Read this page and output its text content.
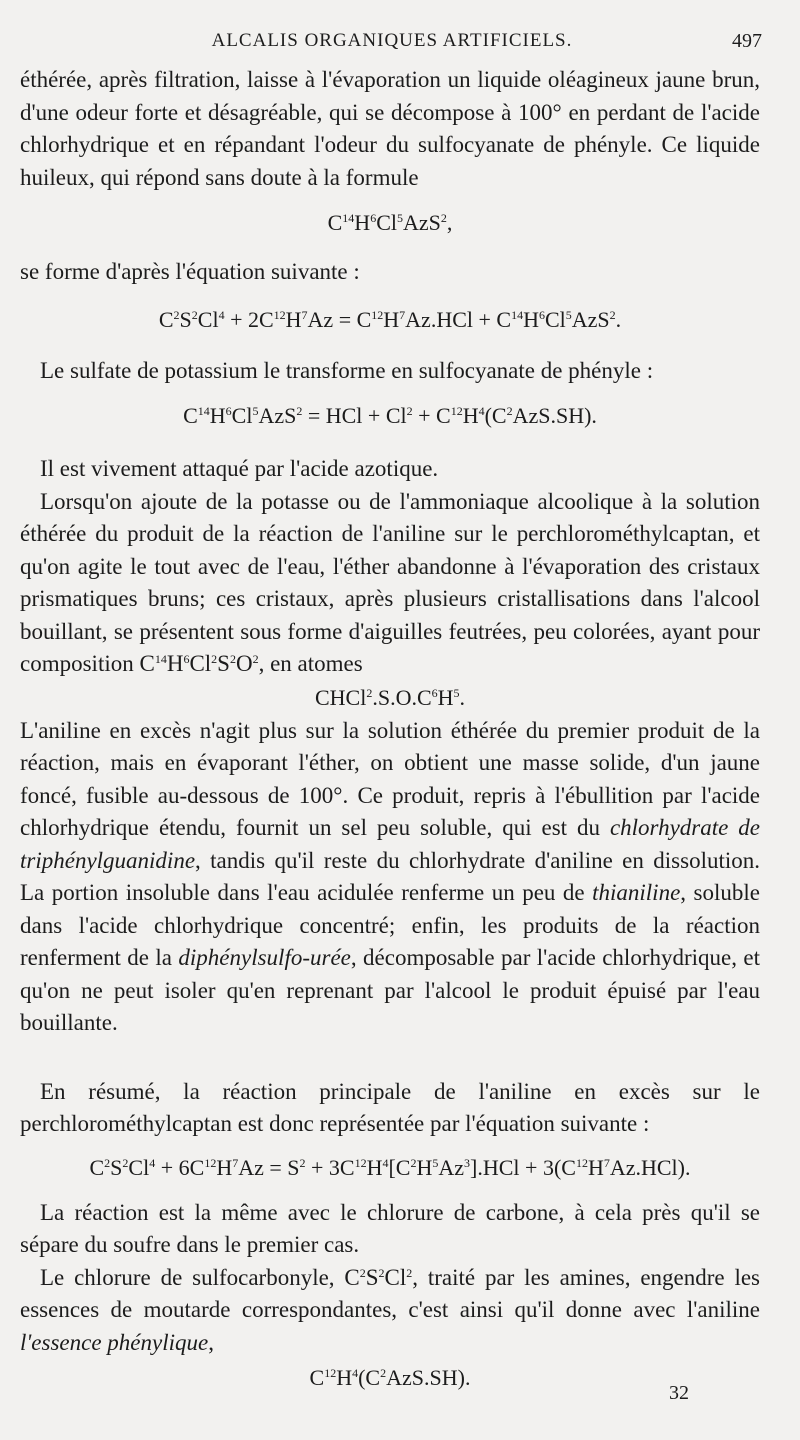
ALCALIS ORGANIQUES ARTIFICIELS.	497

éthérée, après filtration, laisse à l'évaporation un liquide oléagineux jaune brun, d'une odeur forte et désagréable, qui se décompose à 100° en perdant de l'acide chlorhydrique et en répandant l'odeur du sulfocyanate de phényle. Ce liquide huileux, qui répond sans doute à la formule

$C^{14}H^6Cl^5AzS^2$,

se forme d'après l'équation suivante :

$C^2S^2Cl^4 + 2C^{12}H^7Az = C^{12}H^7Az.HCl + C^{14}H^6Cl^5AzS^2$.

Le sulfate de potassium le transforme en sulfocyanate de phényle :

$C^{14}H^6Cl^5AzS^2$ = HCl + $Cl^2 + C^{12}H^4(C^2AzS.SH)$.

Il est vivement attaqué par l'acide azotique.

Lorsqu'on ajoute de la potasse ou de l'ammoniaque alcoolique à la solution éthérée du produit de la réaction de l'aniline sur le perchlorométhylcaptan, et qu'on agite le tout avec de l'eau, l'éther abandonne à l'évaporation des cristaux prismatiques bruns; ces cristaux, après plusieurs cristallisations dans l'alcool bouillant, se présentent sous forme d'aiguilles feutrées, peu colorées, ayant pour composition $C^{14}H^6Cl^2S^2O^2$, en atomes

$CHCl^2.S.O.C^6H^5$.

L'aniline en excès n'agit plus sur la solution éthérée du premier produit de la réaction, mais en évaporant l'éther, on obtient une masse solide, d'un jaune foncé, fusible au-dessous de 100°. Ce produit, repris à l'ébullition par l'acide chlorhydrique étendu, fournit un sel peu soluble, qui est du chlorhydrate de triphénylguanidine, tandis qu'il reste du chlorhydrate d'aniline en dissolution. La portion insoluble dans l'eau acidulée renferme un peu de thianiline, soluble dans l'acide chlorhydrique concentré; enfin, les produits de la réaction renferment de la diphénylsulfo-urée, décomposable par l'acide chlorhydrique, et qu'on ne peut isoler qu'en reprenant par l'alcool le produit épuisé par l'eau bouillante.

En résumé, la réaction principale de l'aniline en excès sur le perchlorométhylcaptan est donc représentée par l'équation suivante :

$C^2S^2Cl^4 + 6C^{12}H^7Az = S^2 + 3C^{12}H^4[C^2H^5Az^3].HCl + 3(C^{12}H^7Az.HCl)$.

La réaction est la même avec le chlorure de carbone, à cela près qu'il se sépare du soufre dans le premier cas.

Le chlorure de sulfocarbonyle, $C^2S^2Cl^2$, traité par les amines, engendre les essences de moutarde correspondantes, c'est ainsi qu'il donne avec l'aniline l'essence phénylique,

$C^{12}H^4(C^2AzS.SH)$.
32
